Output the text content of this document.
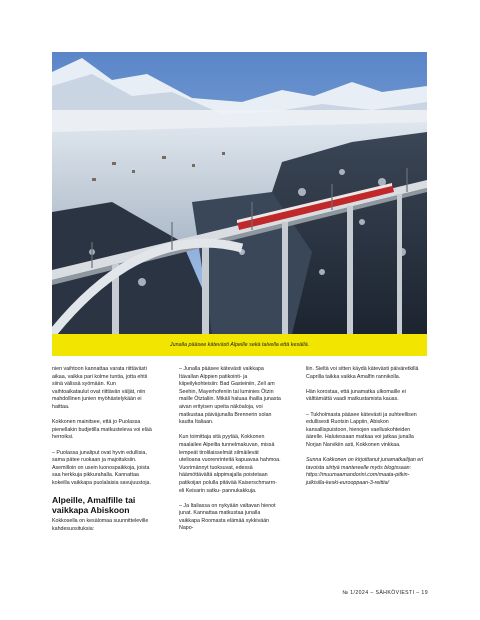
Junalla pääsee kätevästi Alpeille sekä talvella että kesällä.

nien vaihtoon kannattaa varata riittävästi aikaa, vaikka pari kolme tuntia, jotta ehtii siinä välissä syömään. Kun vaihtoaikataulut ovat riittävän väljät, niin mahdollinen junien myöhästelykään ei haittaa.

Kokkonen mainitsee, että jo Puolassa pienellakin budjetilla matkusteleva voi elää herroiksi.

– Puolassa junaliput ovat hyvin edullisia, sama pätee ruokaan ja majoituksiin. Asemilloin on usein luonospaikkoja, joista saa herkkuja pikkurahalla. Kannattaa kokeilla vaikkapa puolalaisia savujuustoja.

Alpeille, Amalfille tai vaikkapa Abiskoon

Kokkosella on kesälomaa suunnitteleville kahdesuosituksia:

– Junalla pääsee kätevästi vaikkapa Itävallan Alppien patikointi- ja kiipeilykohteisiin: Bad Gasteiniin, Zell am Seehin, Mayerhofeniin tai luminies Ötzin maille Ötztaliin. Mikäli haluaa ihailla junasta aivan erityisen upeita näköaloja, voi matkustaa päiväjunalla Brennerin solan kautta Italiaan.

Kun toimittaja sitä pyytää, Kokkonen maalailee Alpeilta tunnelmakuvan, missä lempeät tirolilaisselmät silmäilevät utelioana vuorenrinteitä kapuavaa hahmoa. Vuorimännyt tuoksuvat, edessä häämöttävältä alppimajalla poistetaan patikoijan polulla pitävää Kaiserschmarrn- eli Keisarin satku- pannukakkuja.

– Ja Italiassa on nykyään valtavan hienot junat. Kannattaa matkustaa junalla vaikkapa Roomasta elämää sykkivään Napo-

liin. Sieltä voi sitten käydä kätevästi päiväretkillä Caprilla taikka vaikka Amalfin rannikolla.

Hän korostaa, että junamatka ulkomaille ei välttämättä vaadi matkustamista kauas.

– Tukholmasta pääsee kätevästi ja suhteellisen edullisesti Ruotsin Lappiin, Abiskon kansallispuistoon, hienojen vaelluskohteiden äärelle. Halutessaan matkaa voi jatkaa junalla Norjan Narvikiin asti, Kokkonen vinkkaa.

Sunna Kokkonen on kirjoittanut junamatkailijan eri tavoista siirtyä mantereelle myös blogissaan: https://muumaamandorini.com/maata-pitkin-julkisilla-keski-eurooppaan-3-reittia/

№ 1/2024 – SÄHKÖVIESTI – 19
